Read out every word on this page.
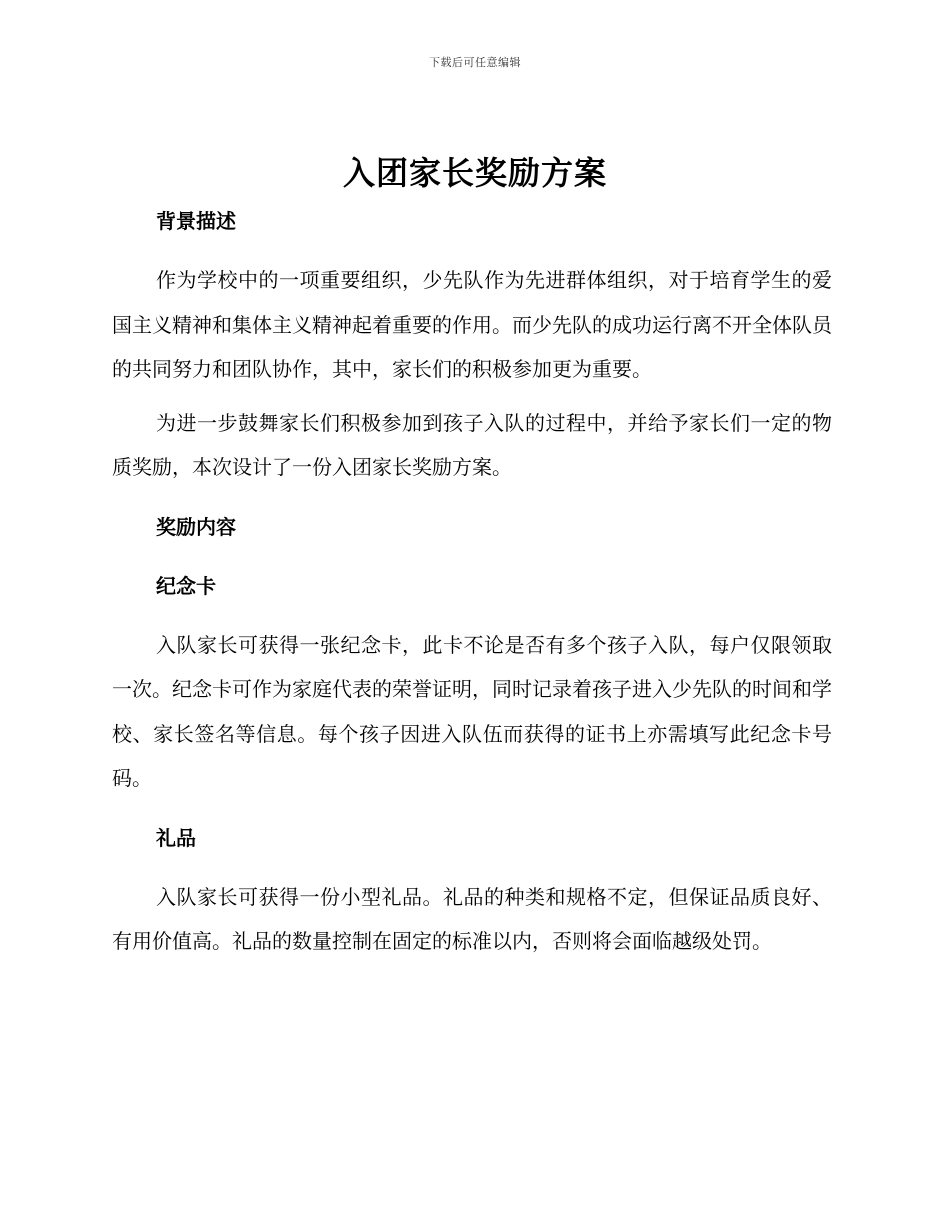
下载后可任意编辑
入团家长奖励方案
背景描述

作为学校中的一项重要组织，少先队作为先进群体组织，对于培育学生的爱国主义精神和集体主义精神起着重要的作用。而少先队的成功运行离不开全体队员的共同努力和团队协作，其中，家长们的积极参加更为重要。

为进一步鼓舞家长们积极参加到孩子入队的过程中，并给予家长们一定的物质奖励，本次设计了一份入团家长奖励方案。

奖励内容
纪念卡

入队家长可获得一张纪念卡，此卡不论是否有多个孩子入队，每户仅限领取一次。纪念卡可作为家庭代表的荣誉证明，同时记录着孩子进入少先队的时间和学校、家长签名等信息。每个孩子因进入队伍而获得的证书上亦需填写此纪念卡号码。

礼品

入队家长可获得一份小型礼品。礼品的种类和规格不定，但保证品质良好、有用价值高。礼品的数量控制在固定的标准以内，否则将会面临越级处罚。
